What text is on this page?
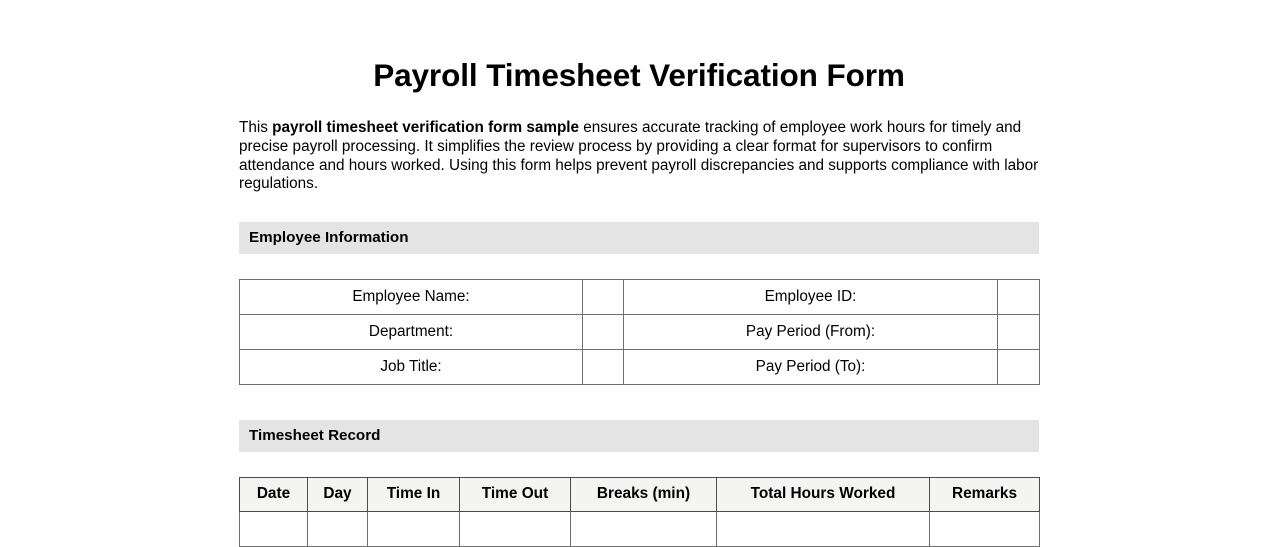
Payroll Timesheet Verification Form

This payroll timesheet verification form sample ensures accurate tracking of employee work hours for timely and precise payroll processing. It simplifies the review process by providing a clear format for supervisors to confirm attendance and hours worked. Using this form helps prevent payroll discrepancies and supports compliance with labor regulations.

Employee Information
Employee Name:		Employee ID:	
Department:		Pay Period (From):	
Job Title:		Pay Period (To):	
Timesheet Record
Date	Day	Time In	Time Out	Breaks (min)	Total Hours Worked	Remarks
